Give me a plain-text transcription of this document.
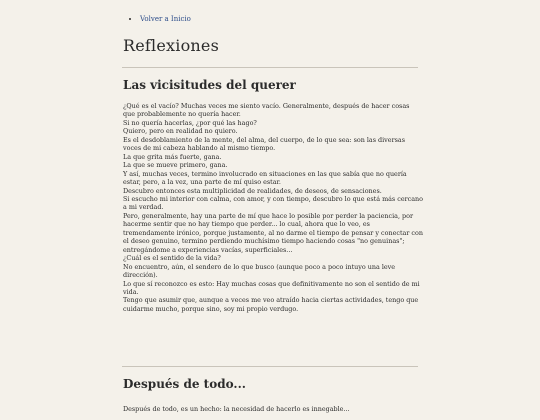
• Volver a Inicio
Reflexiones
Las vicisitudes del querer

¿Qué es el vacío? Muchas veces me siento vacío. Generalmente, después de hacer cosas que probablemente no quería hacer.

Si no quería hacerlas, ¿por qué las hago?

Quiero, pero en realidad no quiero.

Es el desdoblamiento de la mente, del alma, del cuerpo, de lo que sea: son las diversas voces de mi cabeza hablando al mismo tiempo.

La que grita más fuerte, gana.

La que se mueve primero, gana.

Y así, muchas veces, termino involucrado en situaciones en las que sabía que no quería estar, pero, a la vez, una parte de mí quiso estar.

Descubro entonces esta multiplicidad de realidades, de deseos, de sensaciones.

Si escucho mi interior con calma, con amor, y con tiempo, descubro lo que está más cercano a mi verdad.

Pero, generalmente, hay una parte de mí que hace lo posible por perder la paciencia, por hacerme sentir que no hay tiempo que perder... lo cual, ahora que lo veo, es tremendamente irónico, porque justamente, al no darme el tiempo de pensar y conectar con el deseo genuino, termino perdiendo muchísimo tiempo haciendo cosas "no genuinas"; entregándome a experiencias vacías, superficiales...

¿Cuál es el sentido de la vida?

No encuentro, aún, el sendero de lo que busco (aunque poco a poco intuyo una leve dirección).

Lo que sí reconozco es esto: Hay muchas cosas que definitivamente no son el sentido de mi vida.

Tengo que asumir que, aunque a veces me veo atraído hacia ciertas actividades, tengo que cuidarme mucho, porque sino, soy mi propio verdugo.

Después de todo...

Después de todo, es un hecho: la necesidad de hacerlo es innegable...
